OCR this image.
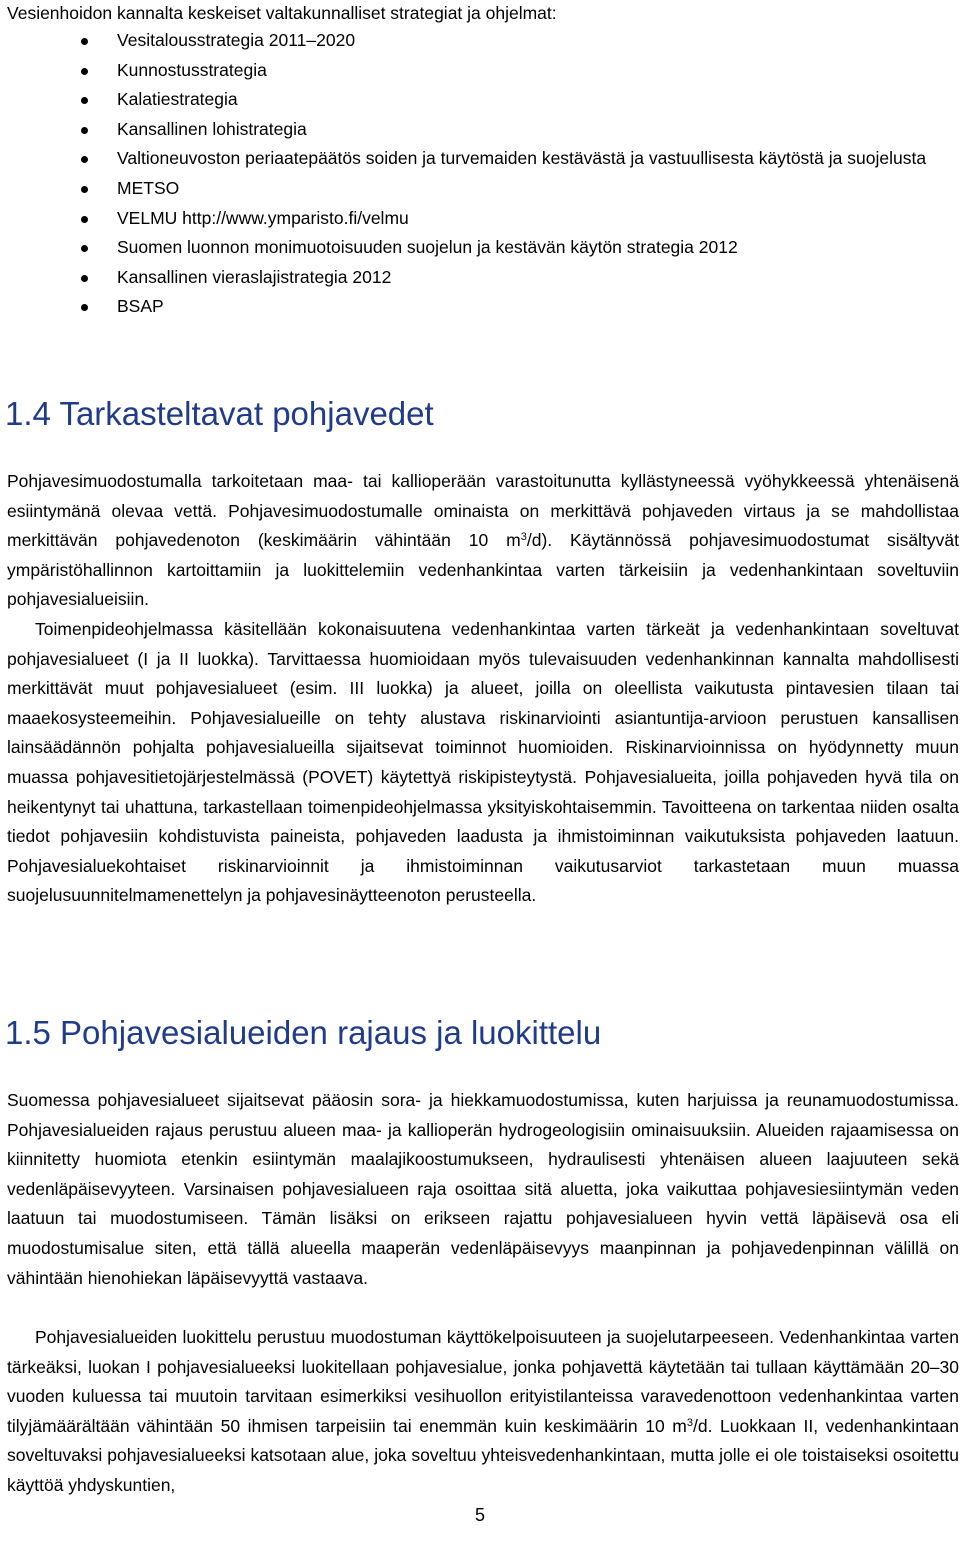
Vesienhoidon kannalta keskeiset valtakunnalliset strategiat ja ohjelmat:

Vesitalousstrategia 2011–2020
Kunnostusstrategia
Kalatiestrategia
Kansallinen lohistrategia
Valtioneuvoston periaatepäätös soiden ja turvemaiden kestävästä ja vastuullisesta käytöstä ja suojelusta
METSO
VELMU http://www.ymparisto.fi/velmu
Suomen luonnon monimuotoisuuden suojelun ja kestävän käytön strategia 2012
Kansallinen vieraslajistrategia 2012
BSAP
1.4 Tarkasteltavat pohjavedet

Pohjavesimuodostumalla tarkoitetaan maa- tai kallioperään varastoitunutta kyllästyneessä vyöhykkeessä yhtenäisenä esiintymänä olevaa vettä. Pohjavesimuodostumalle ominaista on merkittävä pohjaveden virtaus ja se mahdollistaa merkittävän pohjavedenoton (keskimäärin vähintään 10 $m^3/d$). Käytännössä pohjavesimuodostumat sisältyvät ympäristöhallinnon kartoittamiin ja luokittelemiin vedenhankintaa varten tärkeisiin ja vedenhankintaan soveltuviin pohjavesialueisiin.

Toimenpideohjelmassa käsitellään kokonaisuutena vedenhankintaa varten tärkeät ja vedenhankintaan soveltuvat pohjavesialueet (I ja II luokka). Tarvittaessa huomioidaan myös tulevaisuuden vedenhankinnan kannalta mahdollisesti merkittävät muut pohjavesialueet (esim. III luokka) ja alueet, joilla on oleellista vaikutusta pintavesien tilaan tai maaekosysteemeihin. Pohjavesialueille on tehty alustava riskinarviointi asiantuntija-arvioon perustuen kansallisen lainsäädännön pohjalta pohjavesialueilla sijaitsevat toiminnot huomioiden. Riskinarvioinnissa on hyödynnetty muun muassa pohjavesitietojärjestelmässä (POVET) käytettyä riskipisteytystä. Pohjavesialueita, joilla pohjaveden hyvä tila on heikentynyt tai uhattuna, tarkastellaan toimenpideohjelmassa yksityiskohtaisemmin. Tavoitteena on tarkentaa niiden osalta tiedot pohjavesiin kohdistuvista paineista, pohjaveden laadusta ja ihmistoiminnan vaikutuksista pohjaveden laatuun. Pohjavesialuekohtaiset riskinarvioinnit ja ihmistoiminnan vaikutusarviot tarkastetaan muun muassa suojelusuunnitelmamenettelyn ja pohjavesinäytteenoton perusteella.

1.5 Pohjavesialueiden rajaus ja luokittelu

Suomessa pohjavesialueet sijaitsevat pääosin sora- ja hiekkamuodostumissa, kuten harjuissa ja reunamuodostumissa. Pohjavesialueiden rajaus perustuu alueen maa- ja kallioperän hydrogeologisiin ominaisuuksiin. Alueiden rajaamisessa on kiinnitetty huomiota etenkin esiintymän maalajikoostumukseen, hydraulisesti yhtenäisen alueen laajuuteen sekä vedenläpäisevyyteen. Varsinaisen pohjavesialueen raja osoittaa sitä aluetta, joka vaikuttaa pohjavesiesiintymän veden laatuun tai muodostumiseen. Tämän lisäksi on erikseen rajattu pohjavesialueen hyvin vettä läpäisevä osa eli muodostumisalue siten, että tällä alueella maaperän vedenläpäisevyys maanpinnan ja pohjavedenpinnan välillä on vähintään hienohiekan läpäisevyyttä vastaava.

Pohjavesialueiden luokittelu perustuu muodostuman käyttökelpoisuuteen ja suojelutarpeeseen. Vedenhankintaa varten tärkeäksi, luokan I pohjavesialueeksi luokitellaan pohjavesialue, jonka pohjavettä käytetään tai tullaan käyttämään 20–30 vuoden kuluessa tai muutoin tarvitaan esimerkiksi vesihuollon erityistilanteissa varavedenottoon vedenhankintaa varten tilyjämäärältään vähintään 50 ihmisen tarpeisiin tai enemmän kuin keskimäärin 10 $m^3/d$. Luokkaan II, vedenhankintaan soveltuvaksi pohjavesialueeksi katsotaan alue, joka soveltuu yhteisvedenhankintaan, mutta jolle ei ole toistaiseksi osoitettu käyttöä yhdyskuntien,

5
